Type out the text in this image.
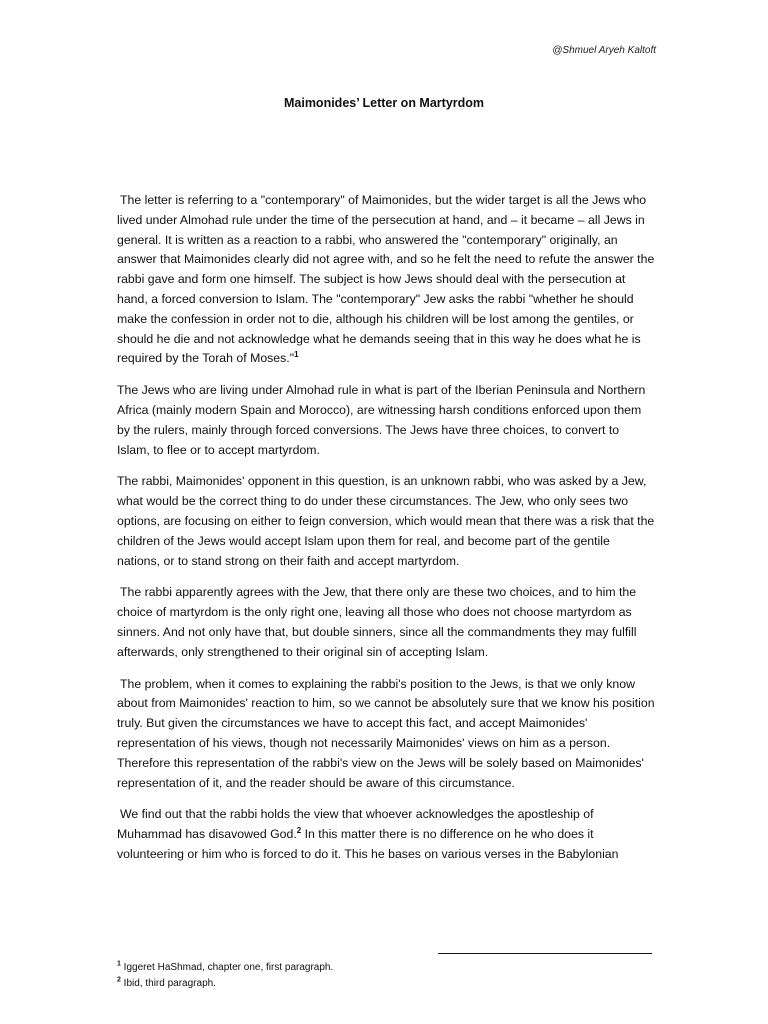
@Shmuel Aryeh Kaltoft
Maimonides’ Letter on Martyrdom

The letter is referring to a "contemporary" of Maimonides, but the wider target is all the Jews who lived under Almohad rule under the time of the persecution at hand, and – it became – all Jews in general. It is written as a reaction to a rabbi, who answered the "contemporary" originally, an answer that Maimonides clearly did not agree with, and so he felt the need to refute the answer the rabbi gave and form one himself. The subject is how Jews should deal with the persecution at hand, a forced conversion to Islam. The "contemporary" Jew asks the rabbi "whether he should make the confession in order not to die, although his children will be lost among the gentiles, or should he die and not acknowledge what he demands seeing that in this way he does what he is required by the Torah of Moses."$^1$

The Jews who are living under Almohad rule in what is part of the Iberian Peninsula and Northern Africa (mainly modern Spain and Morocco), are witnessing harsh conditions enforced upon them by the rulers, mainly through forced conversions. The Jews have three choices, to convert to Islam, to flee or to accept martyrdom.

The rabbi, Maimonides' opponent in this question, is an unknown rabbi, who was asked by a Jew, what would be the correct thing to do under these circumstances. The Jew, who only sees two options, are focusing on either to feign conversion, which would mean that there was a risk that the children of the Jews would accept Islam upon them for real, and become part of the gentile nations, or to stand strong on their faith and accept martyrdom.

The rabbi apparently agrees with the Jew, that there only are these two choices, and to him the choice of martyrdom is the only right one, leaving all those who does not choose martyrdom as sinners. And not only have that, but double sinners, since all the commandments they may fulfill afterwards, only strengthened to their original sin of accepting Islam.

The problem, when it comes to explaining the rabbi's position to the Jews, is that we only know about from Maimonides' reaction to him, so we cannot be absolutely sure that we know his position truly. But given the circumstances we have to accept this fact, and accept Maimonides' representation of his views, though not necessarily Maimonides' views on him as a person. Therefore this representation of the rabbi's view on the Jews will be solely based on Maimonides' representation of it, and the reader should be aware of this circumstance.

We find out that the rabbi holds the view that whoever acknowledges the apostleship of Muhammad has disavowed God.$^2$ In this matter there is no difference on he who does it volunteering or him who is forced to do it. This he bases on various verses in the Babylonian

$^1$ Iggeret HaShmad, chapter one, first paragraph.
$^2$ Ibid, third paragraph.
